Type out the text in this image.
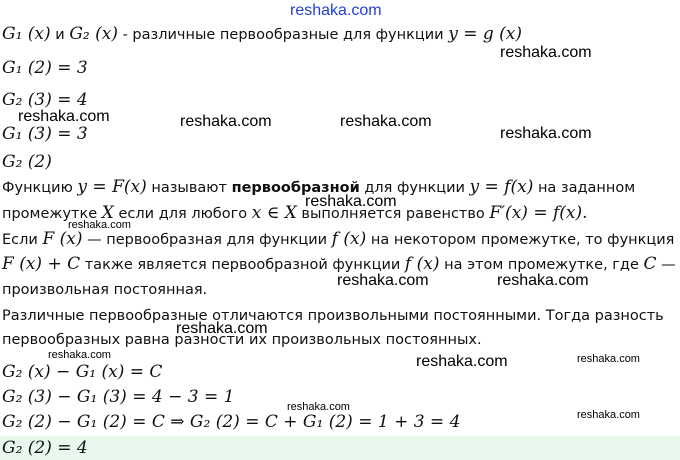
reshaka.com
reshaka.com
reshaka.com	reshaka.com	reshaka.com
reshaka.com
reshaka.com
reshaka.com
reshaka.com	reshaka.com
reshaka.com
reshaka.com	reshaka.com	reshaka.com
reshaka.com
reshaka.com
G₁ (x) и G₂ (x) - различные первообразные для функции y = g (x)
G₁ (2) = 3
G₂ (3) = 4
G₁ (3) = 3
G₂ (2)
Функцию y = F(x) называют первообразной для функции y = f(x) на заданном
промежутке X если для любого x ∈ X выполняется равенство F′(x) = f(x).
Если F (x) — первообразная для функции f (x) на некотором промежутке, то функция
F (x) + C также является первообразной функции f (x) на этом промежутке, где C —
произвольная постоянная.
Различные первообразные отличаются произвольными постоянными. Тогда разность
первообразных равна разности их произвольных постоянных.
G₂ (x) − G₁ (x) = C
G₂ (3) − G₁ (3) = 4 − 3 = 1
G₂ (2) − G₁ (2) = C ⇒ G₂ (2) = C + G₁ (2) = 1 + 3 = 4
G₂ (2) = 4
